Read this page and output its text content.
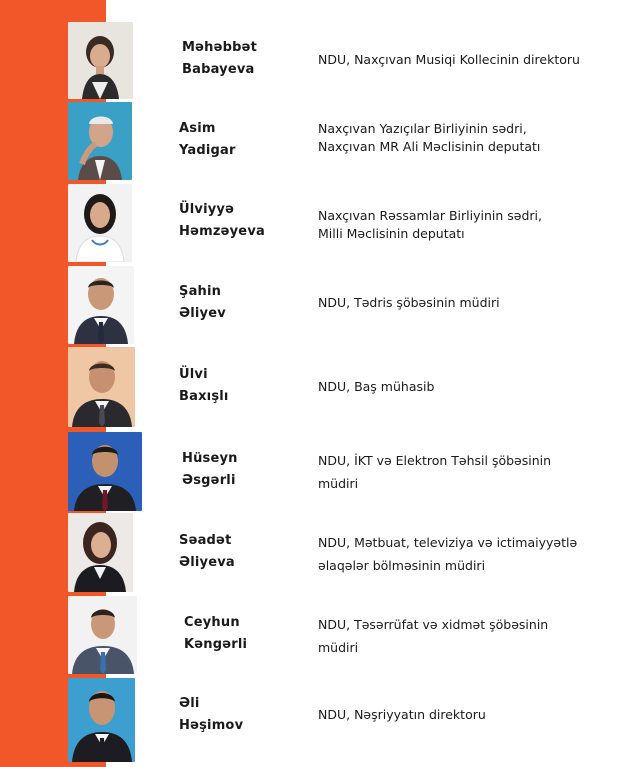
Məhəbbət
Babayeva
NDU, Naxçıvan Musiqi Kollecinin direktoru
Asim
Yadigar
Naxçıvan Yazıçılar Birliyinin sədri,
Naxçıvan MR Ali Məclisinin deputatı
Ülviyyə
Həmzəyeva
Naxçıvan Rəssamlar Birliyinin sədri,
Milli Məclisinin deputatı
Şahin
Əliyev
NDU, Tədris şöbəsinin müdiri
Ülvi
Baxışlı
NDU, Baş mühasib
Hüseyn
Əsgərli
NDU, İKT və Elektron Təhsil şöbəsinin
müdiri
Səadət
Əliyeva
NDU, Mətbuat, televiziya və ictimaiyyətlə
əlaqələr bölməsinin müdiri
Ceyhun
Kəngərli
NDU, Təsərrüfat və xidmət şöbəsinin
müdiri
Əli
Həşimov
NDU, Nəşriyyatın direktoru
